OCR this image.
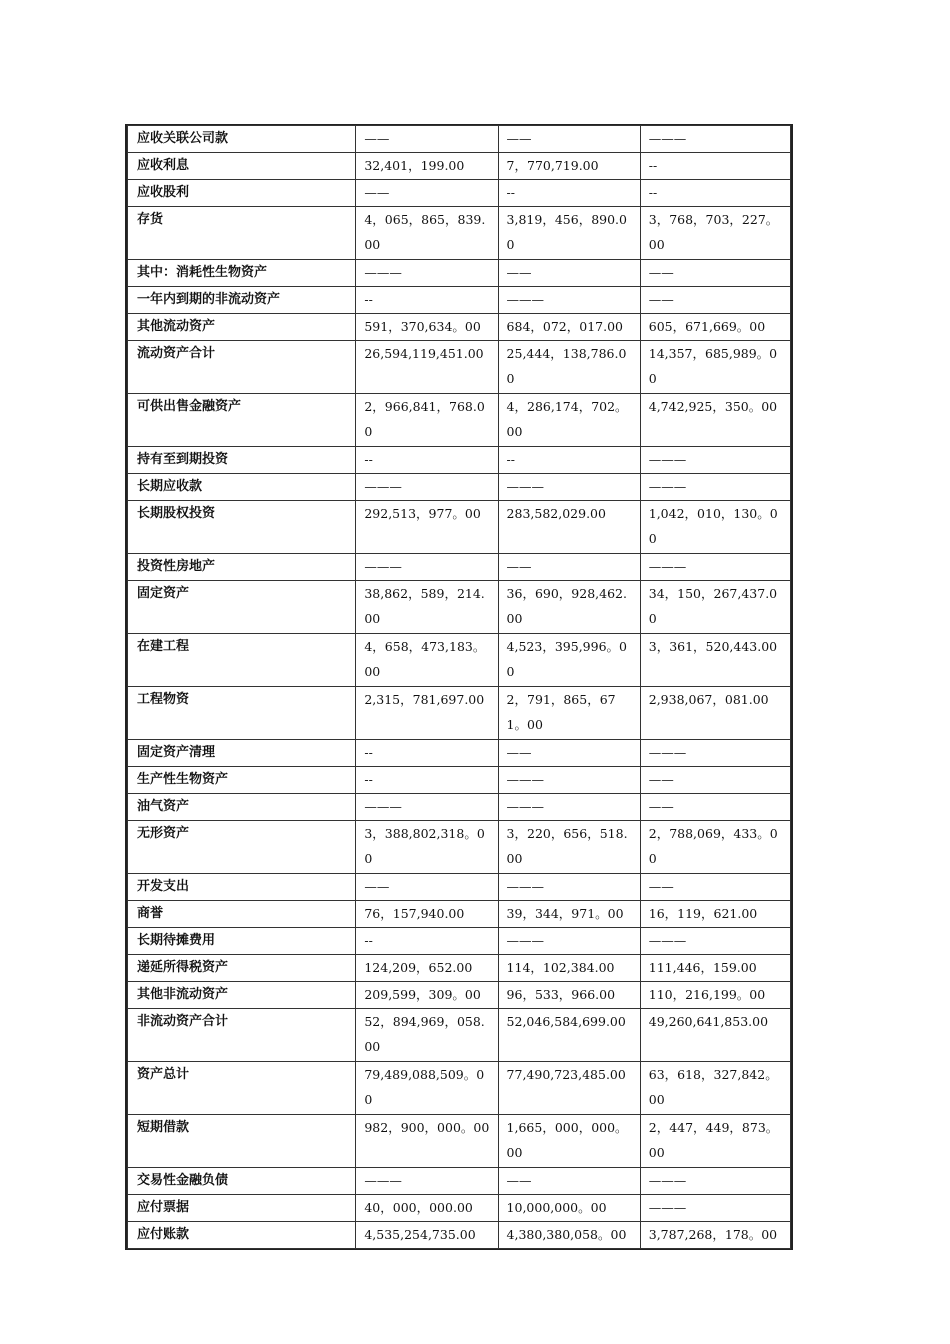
应收关联公司款	——	——	———
应收利息	32,401，199.00	7，770,719.00	--
应收股利	——	--	--
存货	4，065，865，839.00	3,819，456，890.00	3，768，703，227。00
其中：消耗性生物资产	———	——	——
一年内到期的非流动资产	--	———	——
其他流动资产	591，370,634。00	684，072，017.00	605，671,669。00
流动资产合计	26,594,119,451.00	25,444，138,786.00	14,357，685,989。00
可供出售金融资产	2，966,841，768.00	4，286,174，702。00	4,742,925，350。00
持有至到期投资	--	--	———
长期应收款	———	———	———
长期股权投资	292,513，977。00	283,582,029.00	1,042，010，130。00
投资性房地产	———	——	———
固定资产	38,862，589，214.00	36，690，928,462.00	34，150，267,437.00
在建工程	4，658，473,183。00	4,523，395,996。00	3，361，520,443.00
工程物资	2,315，781,697.00	2，791，865，671。00	2,938,067，081.00
固定资产清理	--	——	———
生产性生物资产	--	———	——
油气资产	———	———	——
无形资产	3，388,802,318。00	3，220，656，518.00	2，788,069，433。00
开发支出	——	———	——
商誉	76，157,940.00	39，344，971。00	16，119，621.00
长期待摊费用	--	———	———
递延所得税资产	124,209，652.00	114，102,384.00	111,446，159.00
其他非流动资产	209,599，309。00	96，533，966.00	110，216,199。00
非流动资产合计	52，894,969，058.00	52,046,584,699.00	49,260,641,853.00
资产总计	79,489,088,509。00	77,490,723,485.00	63，618，327,842。00
短期借款	982，900，000。00	1,665，000，000。00	2，447，449，873。00
交易性金融负债	———	——	———
应付票据	40，000，000.00	10,000,000。00	———
应付账款	4,535,254,735.00	4,380,380,058。00	3,787,268，178。00
